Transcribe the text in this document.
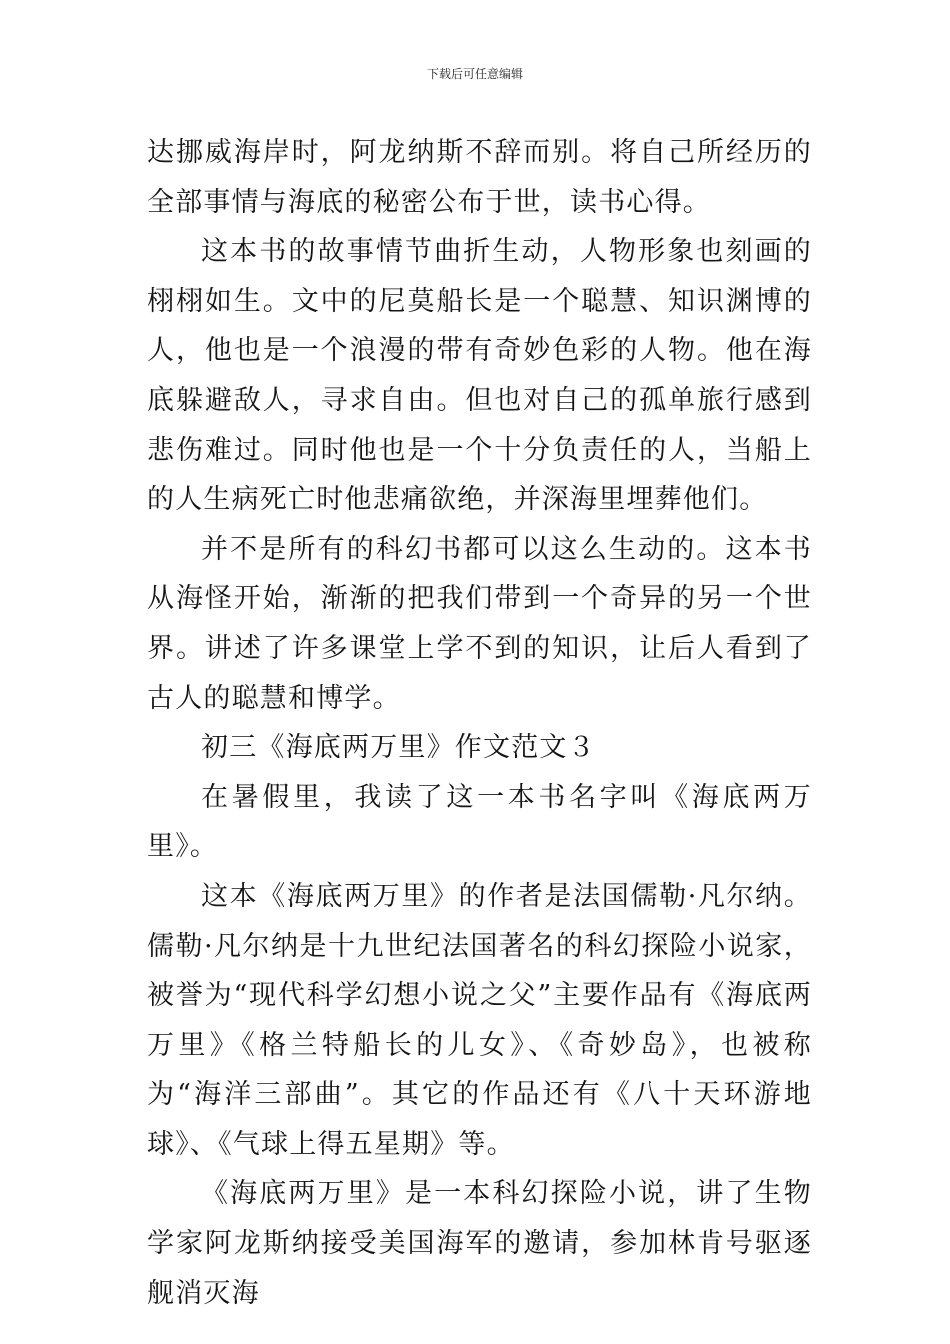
下载后可任意编辑

达挪威海岸时，阿龙纳斯不辞而别。将自己所经历的全部事情与海底的秘密公布于世，读书心得。

这本书的故事情节曲折生动，人物形象也刻画的栩栩如生。文中的尼莫船长是一个聪慧、知识渊博的人，他也是一个浪漫的带有奇妙色彩的人物。他在海底躲避敌人，寻求自由。但也对自己的孤单旅行感到悲伤难过。同时他也是一个十分负责任的人，当船上的人生病死亡时他悲痛欲绝，并深海里埋葬他们。

并不是所有的科幻书都可以这么生动的。这本书从海怪开始，渐渐的把我们带到一个奇异的另一个世界。讲述了许多课堂上学不到的知识，让后人看到了古人的聪慧和博学。

初三《海底两万里》作文范文３

在暑假里，我读了这一本书名字叫《海底两万里》。

这本《海底两万里》的作者是法国儒勒·凡尔纳。儒勒·凡尔纳是十九世纪法国著名的科幻探险小说家，被誉为“现代科学幻想小说之父”主要作品有《海底两万里》《格兰特船长的儿女》、《奇妙岛》，也被称为“海洋三部曲”。其它的作品还有《八十天环游地球》、《气球上得五星期》等。

《海底两万里》是一本科幻探险小说，讲了生物学家阿龙斯纳接受美国海军的邀请，参加林肯号驱逐舰消灭海
